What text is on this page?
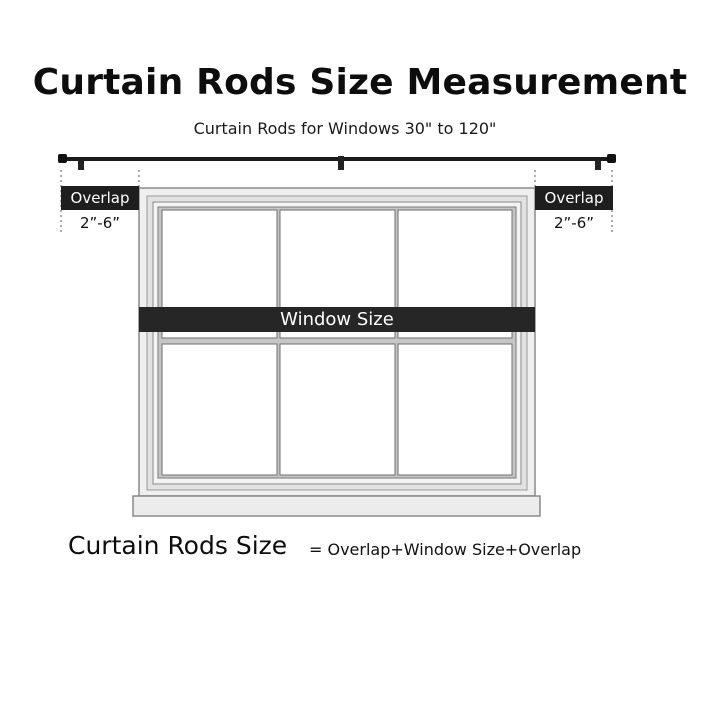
Curtain Rods Size Measurement
Curtain Rods for Windows 30" to 120"
Overlap
2”-6”
Overlap
2”-6”
Window Size
Curtain Rods Size = Overlap+Window Size+Overlap
